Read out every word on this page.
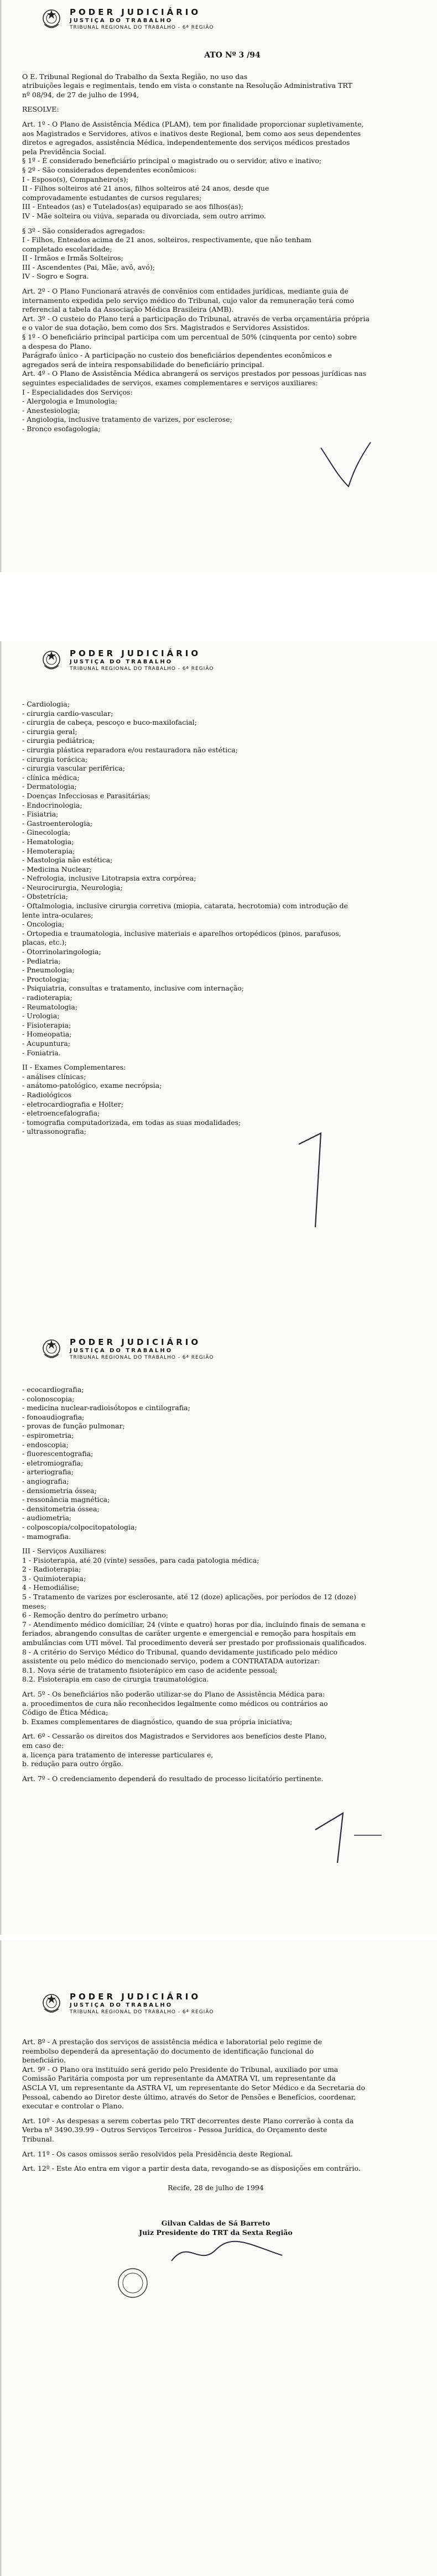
PODER JUDICIÁRIO
JUSTIÇA DO TRABALHO
TRIBUNAL REGIONAL DO TRABALHO - 6ª REGIÃO

ATO Nº 3 /94

O E. Tribunal Regional do Trabalho da Sexta Região, no uso das

atribuições legais e regimentais, tendo em vista o constante na Resolução Administrativa TRT

nº 08/94, de 27 de julho de 1994,

RESOLVE:

Art. 1º - O Plano de Assistência Médica (PLAM), tem por finalidade proporcionar supletivamente,

aos Magistrados e Servidores, ativos e inativos deste Regional, bem como aos seus dependentes

diretos e agregados, assistência Médica, independentemente dos serviços médicos prestados

pela Previdência Social.

§ 1º - É considerado beneficiário principal o magistrado ou o servidor, ativo e inativo;

§ 2º - São considerados dependentes econômicos:

I - Esposo(s), Companheiro(s);

II - Filhos solteiros até 21 anos, filhos solteiros até 24 anos, desde que

comprovadamente estudantes de cursos regulares;

III - Enteados (as) e Tutelados(as) equiparado se aos filhos(as);

IV - Mãe solteira ou viúva, separada ou divorciada, sem outro arrimo.

§ 3º - São considerados agregados:

I - Filhos, Enteados acima de 21 anos, solteiros, respectivamente, que não tenham

completado escolaridade;

II - Irmãos e Irmãs Solteiros;

III - Ascendentes (Pai, Mãe, avô, avó);

IV - Sogro e Sogra.

Art. 2º - O Plano Funcionará através de convênios com entidades jurídicas, mediante guia de

internamento expedida pelo serviço médico do Tribunal, cujo valor da remuneração terá como

referencial a tabela da Associação Médica Brasileira (AMB).

Art. 3º - O custeio do Plano terá a participação do Tribunal, através de verba orçamentária própria

e o valor de sua dotação, bem como dos Srs. Magistrados e Servidores Assistidos.

§ 1º - O beneficiário principal participa com um percentual de 50% (cinquenta por cento) sobre

a despesa do Plano.

Parágrafo único - A participação no custeio dos beneficiários dependentes econômicos e

agregados será de inteira responsabilidade do beneficiário principal.

Art. 4º - O Plano de Assistência Médica abrangerá os serviços prestados por pessoas jurídicas nas

seguintes especialidades de serviços, exames complementares e serviços auxiliares:

I - Especialidades dos Serviços:

- Alergologia e Imunologia;

- Anestesiologia;

- Angiologia, inclusive tratamento de varizes, por esclerose;

- Bronco esofagologia;

PODER JUDICIÁRIO
JUSTIÇA DO TRABALHO
TRIBUNAL REGIONAL DO TRABALHO - 6ª REGIÃO

- Cardiologia;

- cirurgia cardio-vascular;

- cirurgia de cabeça, pescoço e buco-maxilofacial;

- cirurgia geral;

- cirurgia pediátrica;

- cirurgia plástica reparadora e/ou restauradora não estética;

- cirurgia torácica;

- cirurgia vascular periférica;

- clínica médica;

- Dermatologia;

- Doenças Infecciosas e Parasitárias;

- Endocrinologia;

- Fisiatria;

- Gastroenterologia;

- Ginecologia;

- Hematologia;

- Hemoterapia;

- Mastologia não estética;

- Medicina Nuclear;

- Nefrologia, inclusive Litotrapsia extra corpórea;

- Neurocirurgia, Neurologia;

- Obstetrícia;

- Oftalmologia, inclusive cirurgia corretiva (miopia, catarata, hecrotomia) com introdução de

lente intra-oculares;

- Oncologia;

- Ortopedia e traumatologia, inclusive materiais e aparelhos ortopédicos (pinos, parafusos,

placas, etc.);

- Otorrinolaringologia;

- Pediatria;

- Pneumologia;

- Proctologia;

- Psiquiatria, consultas e tratamento, inclusive com internação;

- radioterapia;

- Reumatologia;

- Urologia;

- Fisioterapia;

- Homeopatia;

- Acupuntura;

- Foniatria.

II - Exames Complementares:

- análises clínicas;

- anátomo-patológico, exame necrópsia;

- Radiológicos

- eletrocardiografia e Holter;

- eletroencefalografia;

- tomografia computadorizada, em todas as suas modalidades;

- ultrassonografia;

PODER JUDICIÁRIO
JUSTIÇA DO TRABALHO
TRIBUNAL REGIONAL DO TRABALHO - 6ª REGIÃO

- ecocardiografia;

- colonoscopia;

- medicina nuclear-radioisótopos e cintilografia;

- fonoaudiografia;

- provas de função pulmonar;

- espirometria;

- endoscopia;

- fluorescentografia;

- eletromiografia;

- arteriografia;

- angiografia;

- densiometria óssea;

- ressonância magnética;

- densitometria óssea;

- audiometria;

- colposcopia/colpocitopatologia;

- mamografia.

III - Serviços Auxiliares:

1 - Fisioterapia, até 20 (vinte) sessões, para cada patologia médica;

2 - Radioterapia;

3 - Quimioterapia;

4 - Hemodiálise;

5 - Tratamento de varizes por esclerosante, até 12 (doze) aplicações, por períodos de 12 (doze)

meses;

6 - Remoção dentro do perímetro urbano;

7 - Atendimento médico domiciliar, 24 (vinte e quatro) horas por dia, incluindo finais de semana e

feriados, abrangendo consultas de caráter urgente e emergencial e remoção para hospitais em

ambulâncias com UTI móvel. Tal procedimento deverá ser prestado por profissionais qualificados.

8 - A critério do Serviço Médico do Tribunal, quando devidamente justificado pelo médico

assistente ou pelo médico do mencionado serviço, podem a CONTRATADA autorizar:

8.1. Nova série de tratamento fisioterápico em caso de acidente pessoal;

8.2. Fisioterapia em caso de cirurgia traumatológica.

Art. 5º - Os beneficiários não poderão utilizar-se do Plano de Assistência Médica para:

a. procedimentos de cura não reconhecidos legalmente como médicos ou contrários ao

Código de Ética Médica;

b. Exames complementares de diagnóstico, quando de sua própria iniciativa;

Art. 6º - Cessarão os direitos dos Magistrados e Servidores aos benefícios deste Plano,

em caso de:

a. licença para tratamento de interesse particulares e,

b. redução para outro órgão.

Art. 7º - O credenciamento dependerá do resultado de processo licitatório pertinente.

PODER JUDICIÁRIO
JUSTIÇA DO TRABALHO
TRIBUNAL REGIONAL DO TRABALHO - 6ª REGIÃO

Art. 8º - A prestação dos serviços de assistência médica e laboratorial pelo regime de

reembolso dependerá da apresentação do documento de identificação funcional do

beneficiário.

Art. 9º - O Plano ora instituído será gerido pelo Presidente do Tribunal, auxiliado por uma

Comissão Paritária composta por um representante da AMATRA VI, um representante da

ASCLA VI, um representante da ASTRA VI, um representante do Setor Médico e da Secretaria do

Pessoal, cabendo ao Diretor deste último, através do Setor de Pensões e Benefícios, coordenar,

executar e controlar o Plano.

Art. 10º - As despesas a serem cobertas pelo TRT decorrentes deste Plano correrão à conta da

Verba nº 3490.39.99 - Outros Serviços Terceiros - Pessoa Jurídica, do Orçamento deste

Tribunal.

Art. 11º - Os casos omissos serão resolvidos pela Presidência deste Regional.

Art. 12º - Este Ato entra em vigor a partir desta data, revogando-se as disposições em contrário.

Recife, 28 de julho de 1994

Gilvan Caldas de Sá Barreto

Juiz Presidente do TRT da Sexta Região
